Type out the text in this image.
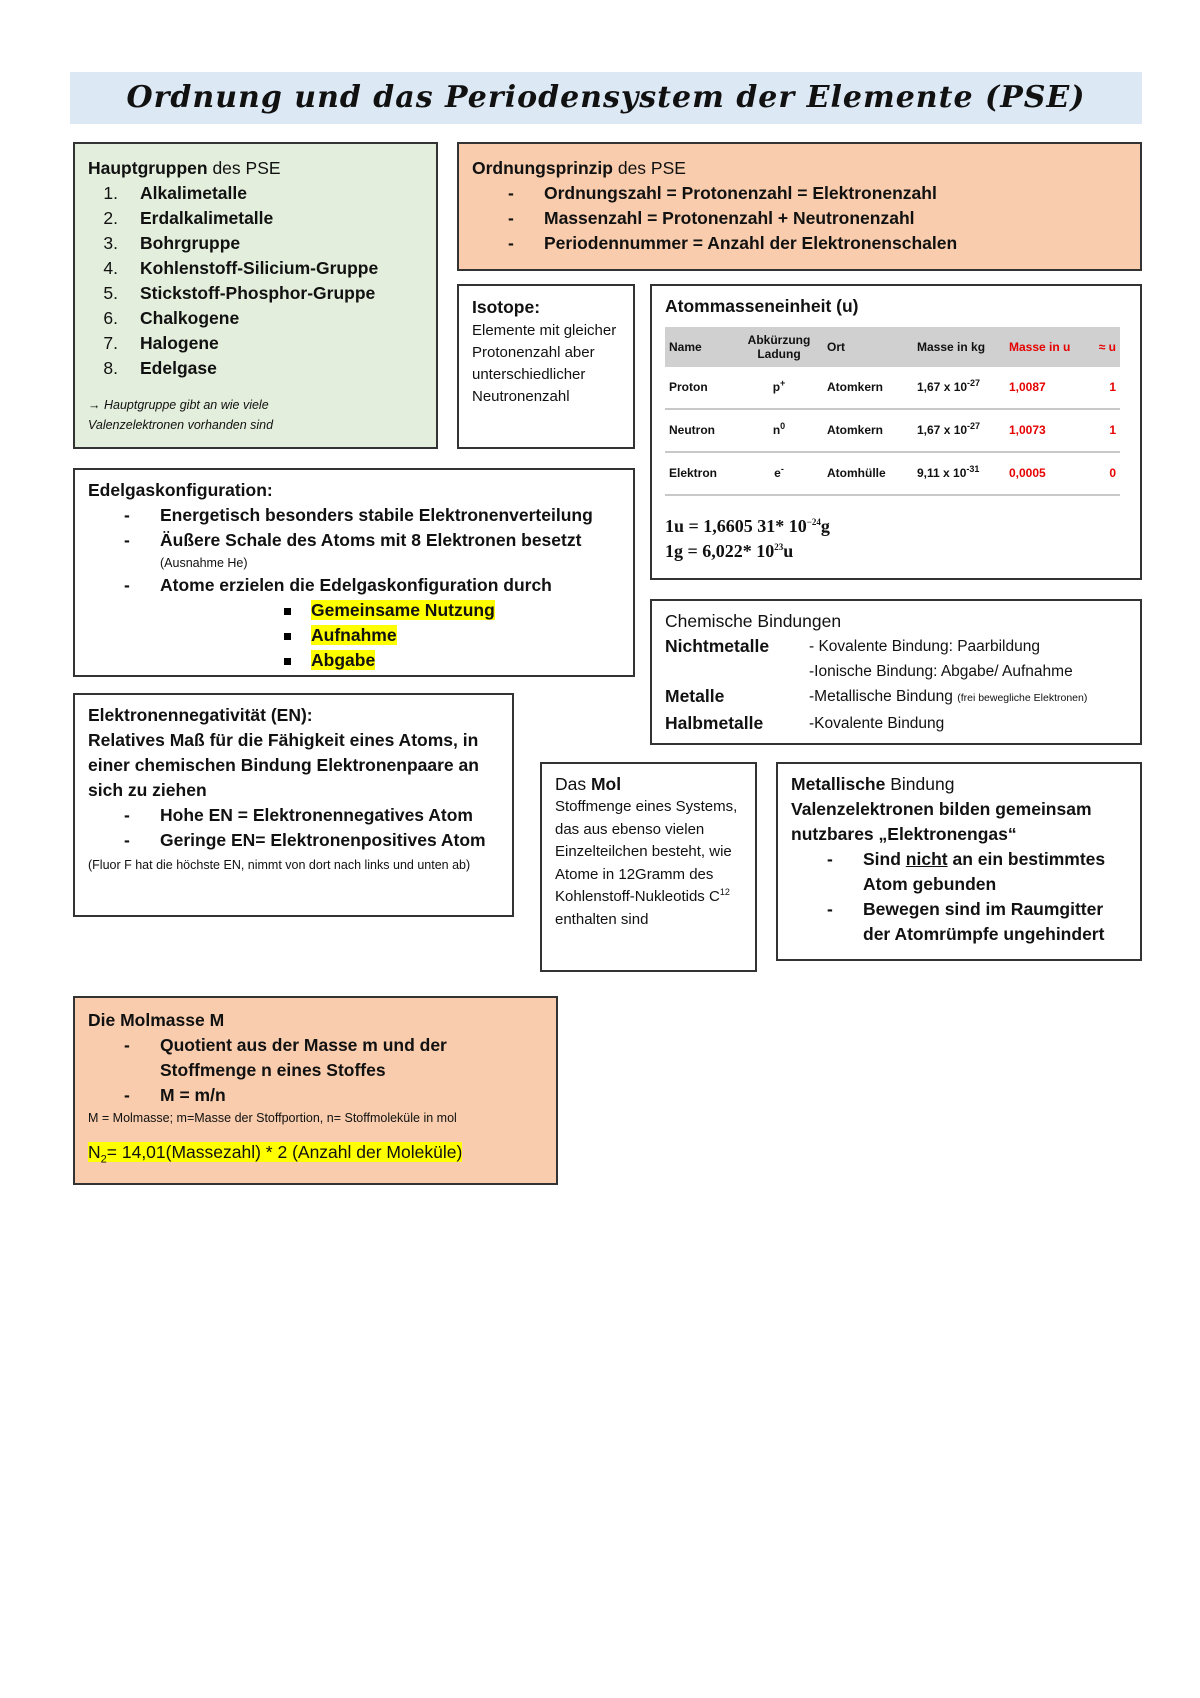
Ordnung und das Periodensystem der Elemente (PSE)
Hauptgruppen des PSE
1. Alkalimetalle
2. Erdalkalimetalle
3. Bohrgruppe
4. Kohlenstoff-Silicium-Gruppe
5. Stickstoff-Phosphor-Gruppe
6. Chalkogene
7. Halogene
8. Edelgase
→ Hauptgruppe gibt an wie viele Valenzelektronen vorhanden sind
Ordnungsprinzip des PSE
-	Ordnungszahl = Protonenzahl = Elektronenzahl
-	Massenzahl = Protonenzahl + Neutronenzahl
-	Periodennummer = Anzahl der Elektronenschalen
Isotope:
Elemente mit gleicher Protonenzahl aber unterschiedlicher Neutronenzahl
Atommasseneinheit (u)
Name	Abkürzung Ladung	Ort	Masse in kg	Masse in u	≈ u
Proton	p+	Atomkern	1,67 x $10^{-27}$	1,0087	1
Neutron	$n^0$	Atomkern	1,67 x $10^{-27}$	1,0073	1
Elektron	e-	Atomhülle	9,11 x $10^{-31}$	0,0005	0
1u = 1,6605 31* $10^{-24}g$
1g = 6,022* $10^{23}u$
Edelgaskonfiguration:
-	Energetisch besonders stabile Elektronenverteilung
-	Äußere Schale des Atoms mit 8 Elektronen besetzt
(Ausnahme He)
-	Atome erzielen die Edelgaskonfiguration durch
Gemeinsame Nutzung
Aufnahme
Abgabe
Chemische Bindungen
Nichtmetalle	- Kovalente Bindung: Paarbildung
-Ionische Bindung: Abgabe/ Aufnahme
Metalle	-Metallische Bindung (frei bewegliche Elektronen)
Halbmetalle	-Kovalente Bindung
Elektronennegativität (EN):
Relatives Maß für die Fähigkeit eines Atoms, in einer chemischen Bindung Elektronenpaare an sich zu ziehen
-	Hohe EN = Elektronennegatives Atom
-	Geringe EN= Elektronenpositives Atom
(Fluor F hat die höchste EN, nimmt von dort nach links und unten ab)
Das Mol
Stoffmenge eines Systems, das aus ebenso vielen Einzelteilchen besteht, wie Atome in 12Gramm des Kohlenstoff-Nukleotids $C^{12}$ enthalten sind
Metallische Bindung
Valenzelektronen bilden gemeinsam nutzbares „Elektronengas“
-	Sind nicht an ein bestimmtes Atom gebunden
-	Bewegen sind im Raumgitter der Atomrümpfe ungehindert
Die Molmasse M
-	Quotient aus der Masse m und der Stoffmenge n eines Stoffes
-	M = m/n
M = Molmasse; m=Masse der Stoffportion, n= Stoffmoleküle in mol
$N_2=$ 14,01(Massezahl) * 2 (Anzahl der Moleküle)
